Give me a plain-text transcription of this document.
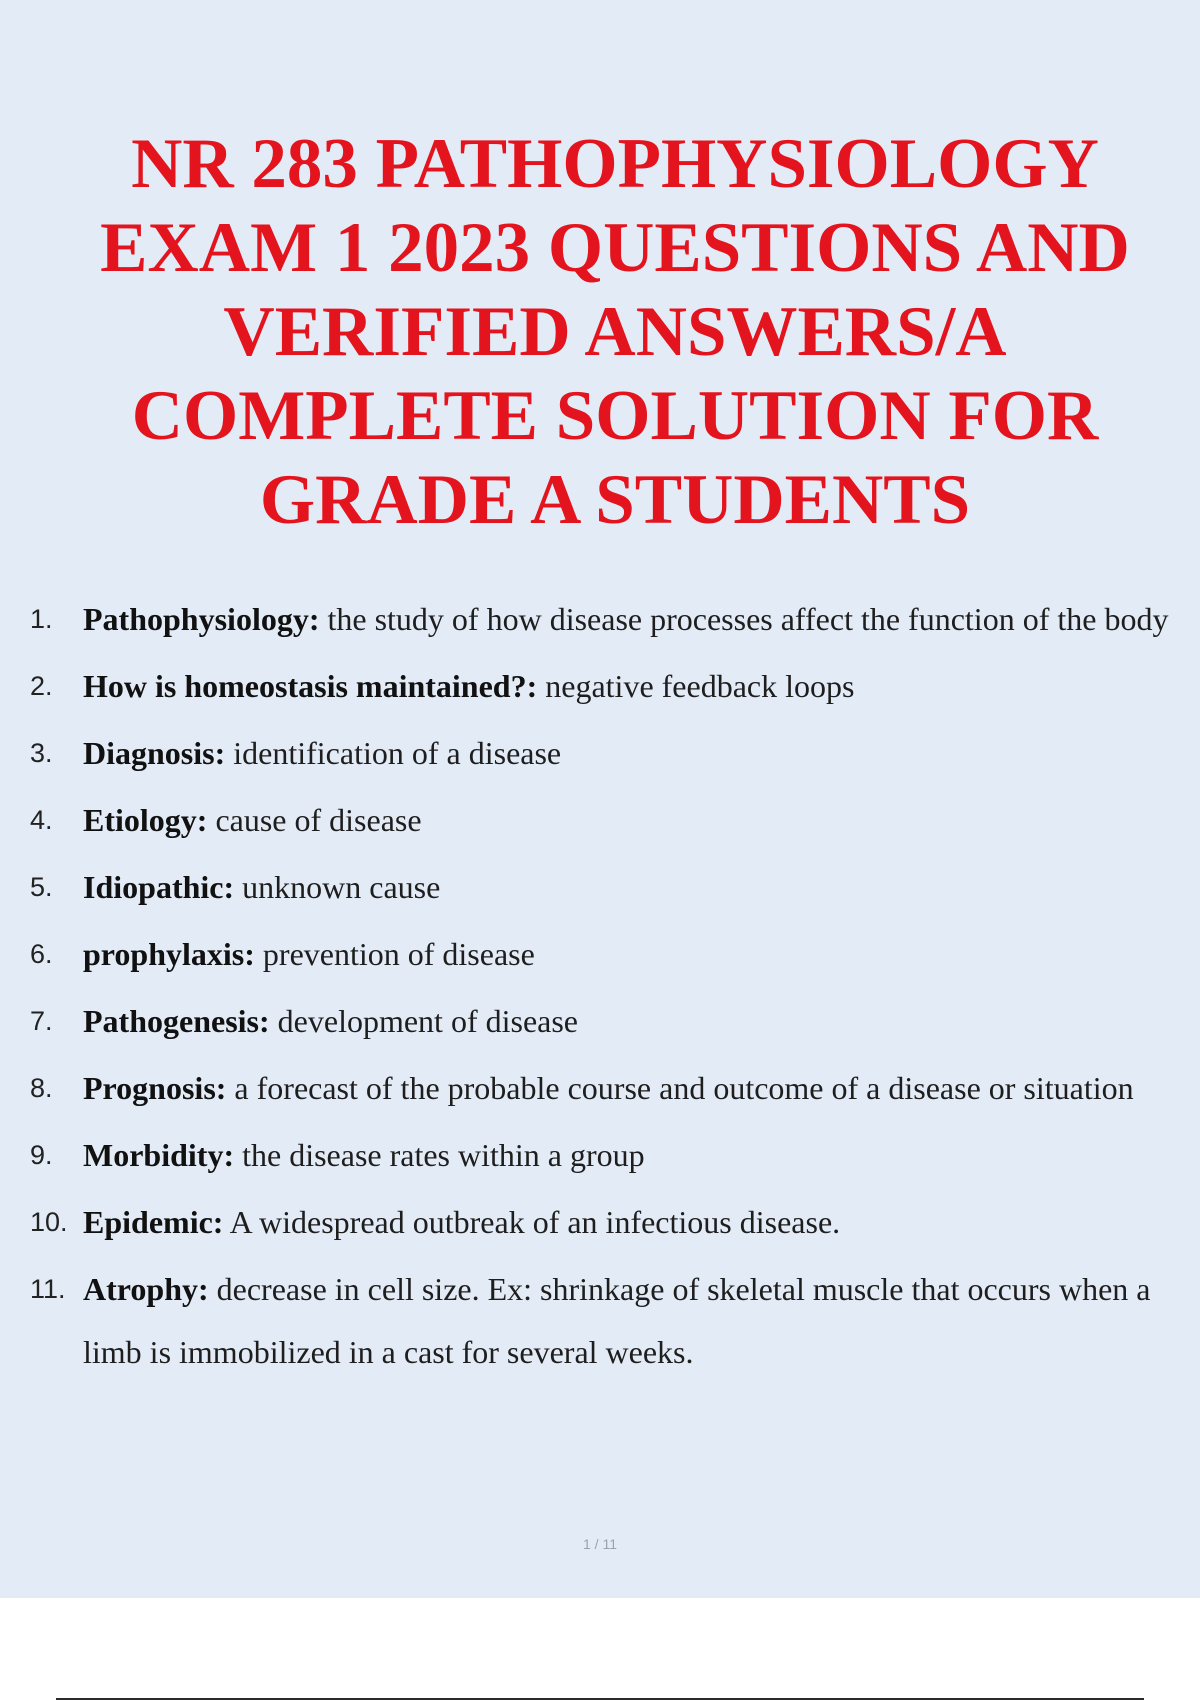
NR 283 PATHOPHYSIOLOGY
EXAM 1 2023 QUESTIONS AND
VERIFIED ANSWERS/A
COMPLETE SOLUTION FOR
GRADE A STUDENTS
1. Pathophysiology: the study of how disease processes affect the function of the body
2. How is homeostasis maintained?: negative feedback loops
3. Diagnosis: identification of a disease
4. Etiology: cause of disease
5. Idiopathic: unknown cause
6. prophylaxis: prevention of disease
7. Pathogenesis: development of disease
8. Prognosis: a forecast of the probable course and outcome of a disease or situation
9. Morbidity: the disease rates within a group
10. Epidemic: A widespread outbreak of an infectious disease.
11. Atrophy: decrease in cell size. Ex: shrinkage of skeletal muscle that occurs when a limb is immobilized in a cast for several weeks.
1 / 11
